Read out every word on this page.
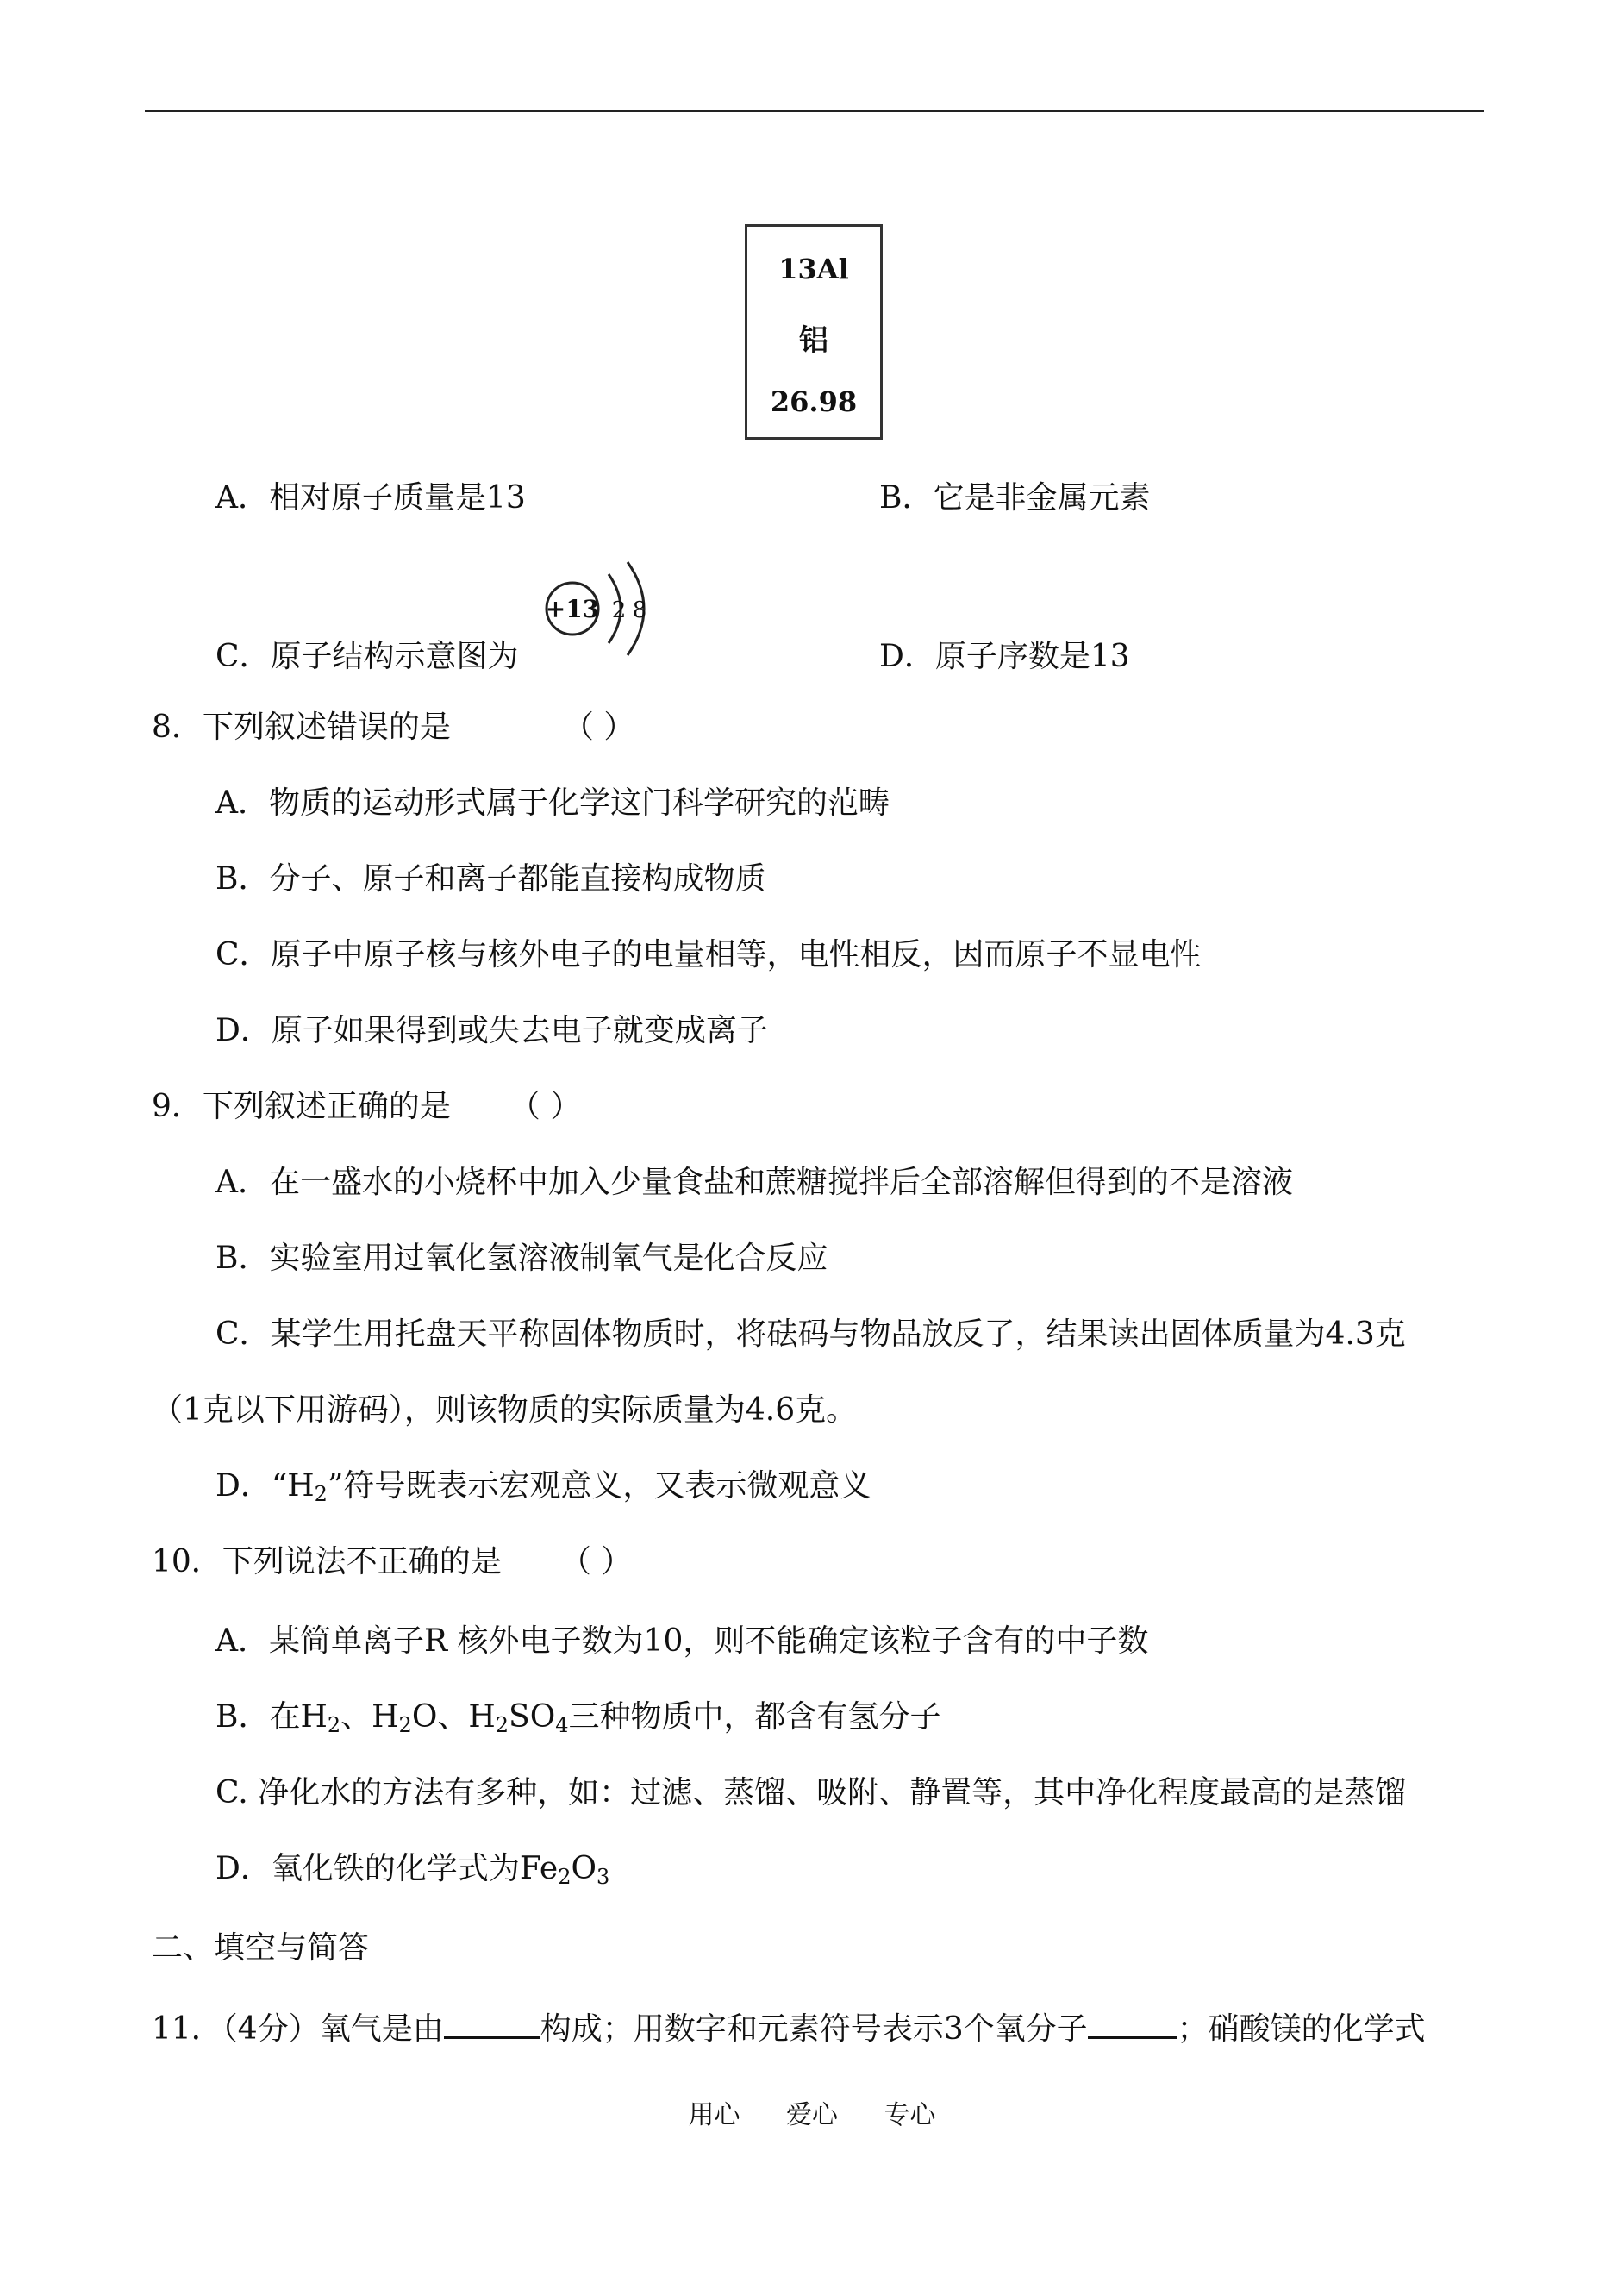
13Al
铝
26.98
A．相对原子质量是13	B．它是非金属元素
C．原子结构示意图为
+13 2 8
D．原子序数是13
8．下列叙述错误的是	（ ）
A．物质的运动形式属于化学这门科学研究的范畴
B．分子、原子和离子都能直接构成物质
C．原子中原子核与核外电子的电量相等，电性相反，因而原子不显电性
D．原子如果得到或失去电子就变成离子
9．下列叙述正确的是 （ ）
A．在一盛水的小烧杯中加入少量食盐和蔗糖搅拌后全部溶解但得到的不是溶液
B．实验室用过氧化氢溶液制氧气是化合反应
C．某学生用托盘天平称固体物质时，将砝码与物品放反了，结果读出固体质量为4.3克
（1克以下用游码），则该物质的实际质量为4.6克。
D．“$H_2$”符号既表示宏观意义，又表示微观意义
10．下列说法不正确的是 （ ）
A．某简单离子R 核外电子数为10，则不能确定该粒子含有的中子数
B．在$H_2$、$H_2O$、$H_2SO_4$三种物质中，都含有氢分子
C. 净化水的方法有多种，如：过滤、蒸馏、吸附、静置等，其中净化程度最高的是蒸馏
D．氧化铁的化学式为$Fe_2O_3$
二、填空与简答
11．（4分）氧气是由	构成；用数字和元素符号表示3个氧分子	；硝酸镁的化学式
用心 爱心 专心
